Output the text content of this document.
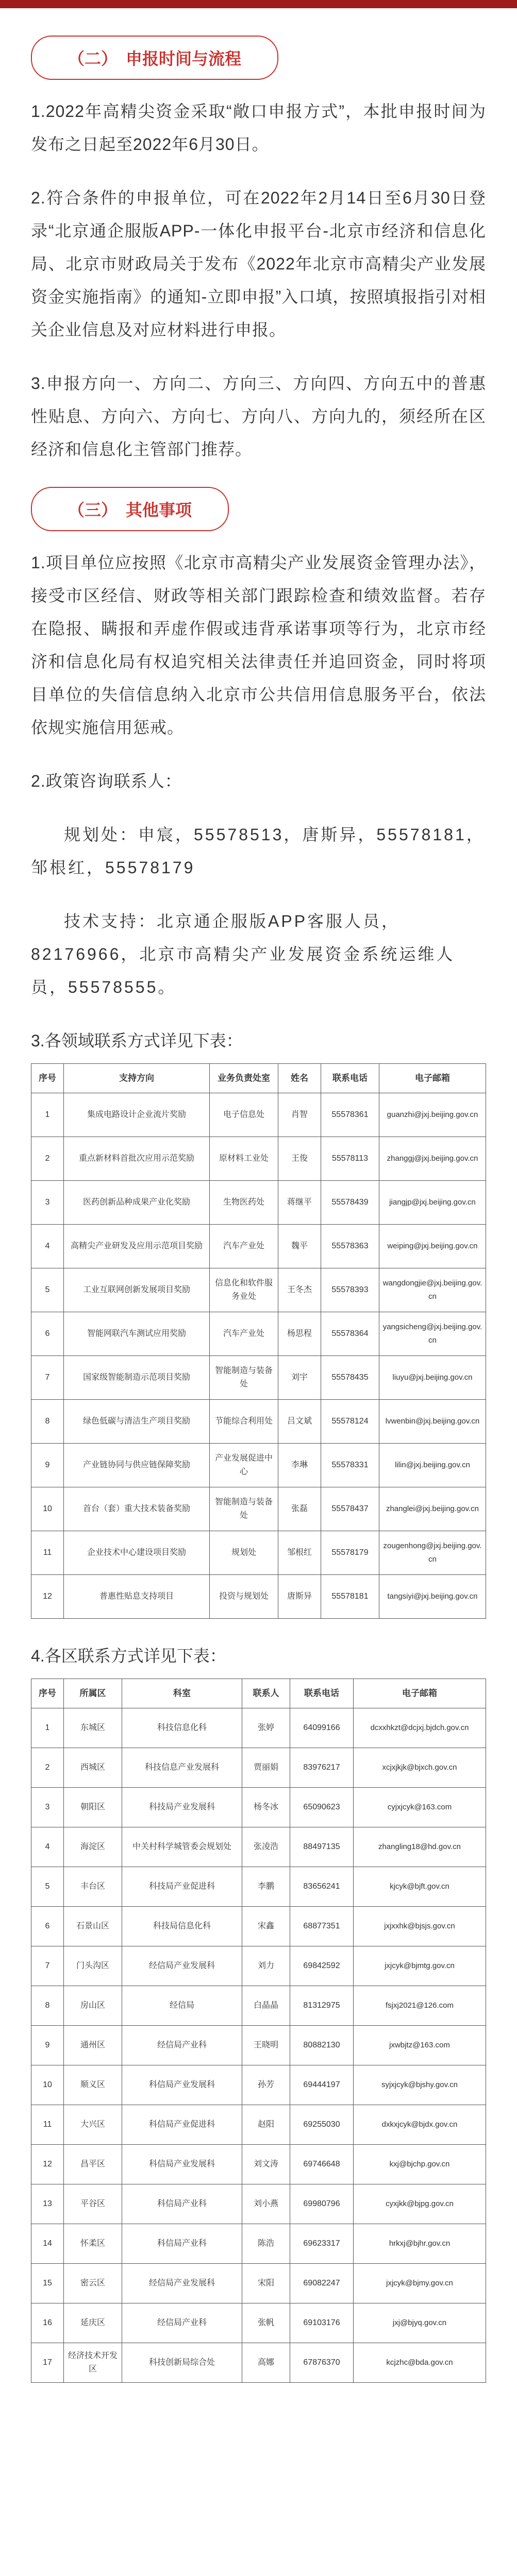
（二） 申报时间与流程

1.2022年高精尖资金采取“敞口申报方式”，本批申报时间为发布之日起至2022年6月30日。

2.符合条件的申报单位，可在2022年2月14日至6月30日登录“北京通企服版APP-一体化申报平台-北京市经济和信息化局、北京市财政局关于发布《2022年北京市高精尖产业发展资金实施指南》的通知-立即申报”入口填，按照填报指引对相关企业信息及对应材料进行申报。

3.申报方向一、方向二、方向三、方向四、方向五中的普惠性贴息、方向六、方向七、方向八、方向九的，须经所在区经济和信息化主管部门推荐。

（三） 其他事项

1.项目单位应按照《北京市高精尖产业发展资金管理办法》，接受市区经信、财政等相关部门跟踪检查和绩效监督。若存在隐报、瞒报和弄虚作假或违背承诺事项等行为，北京市经济和信息化局有权追究相关法律责任并追回资金，同时将项目单位的失信信息纳入北京市公共信用信息服务平台，依法依规实施信用惩戒。

2.政策咨询联系人：

规划处：申宸，55578513，唐斯异，55578181，邹根红，55578179

技术支持：北京通企服版APP客服人员，82176966，北京市高精尖产业发展资金系统运维人员，55578555。

3.各领域联系方式详见下表：

序号	支持方向	业务负责处室	姓名	联系电话	电子邮箱
1	集成电路设计企业流片奖励	电子信息处	肖智	55578361	guanzhi@jxj.beijing.gov.cn
2	重点新材料首批次应用示范奖励	原材料工业处	王俊	55578113	zhanggj@jxj.beijing.gov.cn
3	医药创新品种成果产业化奖励	生物医药处	蒋继平	55578439	jiangjp@jxj.beijing.gov.cn
4	高精尖产业研发及应用示范项目奖励	汽车产业处	魏平	55578363	weiping@jxj.beijing.gov.cn
5	工业互联网创新发展项目奖励	信息化和软件服务业处	王冬杰	55578393	wangdongjie@jxj.beijing.gov.cn
6	智能网联汽车测试应用奖励	汽车产业处	杨思程	55578364	yangsicheng@jxj.beijing.gov.cn
7	国家级智能制造示范项目奖励	智能制造与装备处	刘宇	55578435	liuyu@jxj.beijing.gov.cn
8	绿色低碳与清洁生产项目奖励	节能综合利用处	吕文斌	55578124	lvwenbin@jxj.beijing.gov.cn
9	产业链协同与供应链保障奖励	产业发展促进中心	李琳	55578331	lilin@jxj.beijing.gov.cn
10	首台（套）重大技术装备奖励	智能制造与装备处	张磊	55578437	zhanglei@jxj.beijing.gov.cn
11	企业技术中心建设项目奖励	规划处	邹根红	55578179	zougenhong@jxj.beijing.gov.cn
12	普惠性贴息支持项目	投资与规划处	唐斯异	55578181	tangsiyi@jxj.beijing.gov.cn

4.各区联系方式详见下表：

序号	所属区	科室	联系人	联系电话	电子邮箱
1	东城区	科技信息化科	张婷	64099166	dcxxhkzt@dcjxj.bjdch.gov.cn
2	西城区	科技信息产业发展科	贾丽娟	83976217	xcjxjkjk@bjxch.gov.cn
3	朝阳区	科技局产业发展科	杨冬冰	65090623	cyjxjcyk@163.com
4	海淀区	中关村科学城管委会规划处	张凌浩	88497135	zhangling18@hd.gov.cn
5	丰台区	科技局产业促进科	李鹏	83656241	kjcyk@bjft.gov.cn
6	石景山区	科技局信息化科	宋鑫	68877351	jxjxxhk@bjsjs.gov.cn
7	门头沟区	经信局产业发展科	刘力	69842592	jxjcyk@bjmtg.gov.cn
8	房山区	经信局	白晶晶	81312975	fsjxj2021@126.com
9	通州区	经信局产业科	王晓明	80882130	jxwbjtz@163.com
10	顺义区	科信局产业发展科	孙芳	69444197	syjxjcyk@bjshy.gov.cn
11	大兴区	科信局产业促进科	赵阳	69255030	dxkxjcyk@bjdx.gov.cn
12	昌平区	科信局产业发展科	刘文涛	69746648	kxj@bjchp.gov.cn
13	平谷区	科信局产业科	刘小燕	69980796	cyxjkk@bjpg.gov.cn
14	怀柔区	科信局产业科	陈浩	69623317	hrkxj@bjhr.gov.cn
15	密云区	经信局产业发展科	宋阳	69082247	jxjcyk@bjmy.gov.cn
16	延庆区	经信局产业科	张帆	69103176	jxj@bjyq.gov.cn
17	经济技术开发区	科技创新局综合处	高娜	67876370	kcjzhc@bda.gov.cn
